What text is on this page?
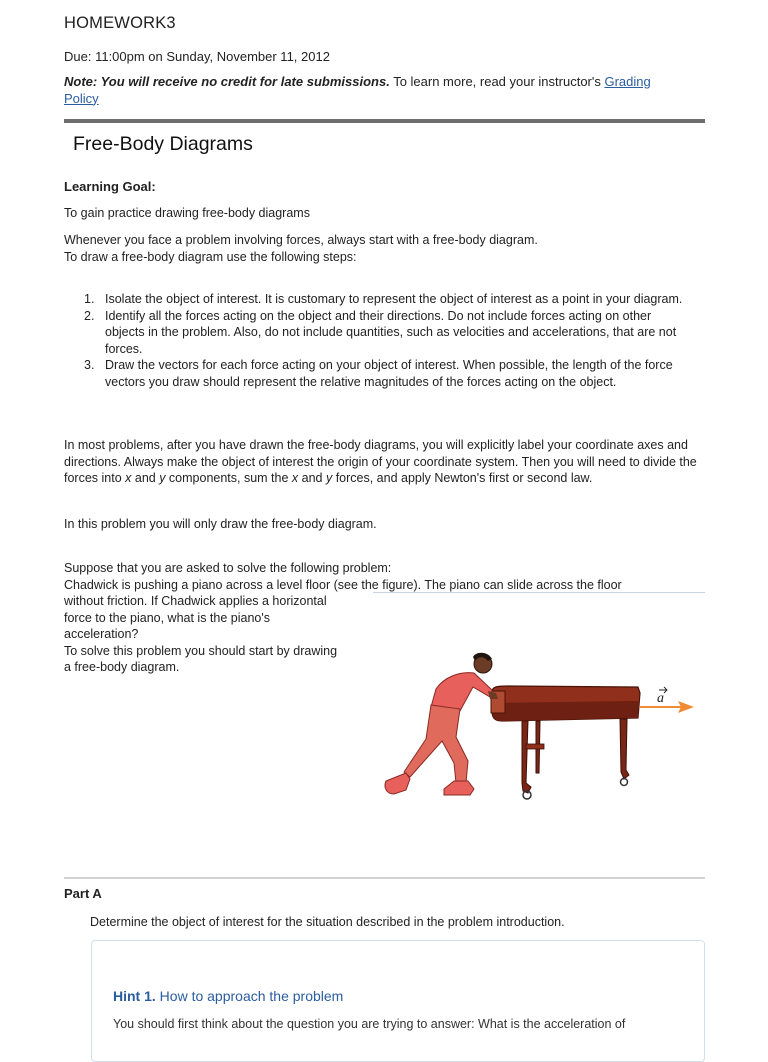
HOMEWORK3
Due: 11:00pm on Sunday, November 11, 2012
Note: You will receive no credit for late submissions. To learn more, read your instructor's Grading
Policy
Free-Body Diagrams
Learning Goal:
To gain practice drawing free-body diagrams
Whenever you face a problem involving forces, always start with a free-body diagram.
To draw a free-body diagram use the following steps:
1. Isolate the object of interest. It is customary to represent the object of interest as a point in your diagram.
2. Identify all the forces acting on the object and their directions. Do not include forces acting on other objects in the problem. Also, do not include quantities, such as velocities and accelerations, that are not forces.
3. Draw the vectors for each force acting on your object of interest. When possible, the length of the force vectors you draw should represent the relative magnitudes of the forces acting on the object.
In most problems, after you have drawn the free-body diagrams, you will explicitly label your coordinate axes and directions. Always make the object of interest the origin of your coordinate system. Then you will need to divide the forces into x and y components, sum the x and y forces, and apply Newton's first or second law.
In this problem you will only draw the free-body diagram.
Suppose that you are asked to solve the following problem:
Chadwick is pushing a piano across a level floor (see the figure). The piano can slide across the floor
without friction. If Chadwick applies a horizontal
force to the piano, what is the piano's
acceleration?
To solve this problem you should start by drawing
a free-body diagram.
a
Part A
Determine the object of interest for the situation described in the problem introduction.
Hint 1. How to approach the problem
You should first think about the question you are trying to answer: What is the acceleration of
